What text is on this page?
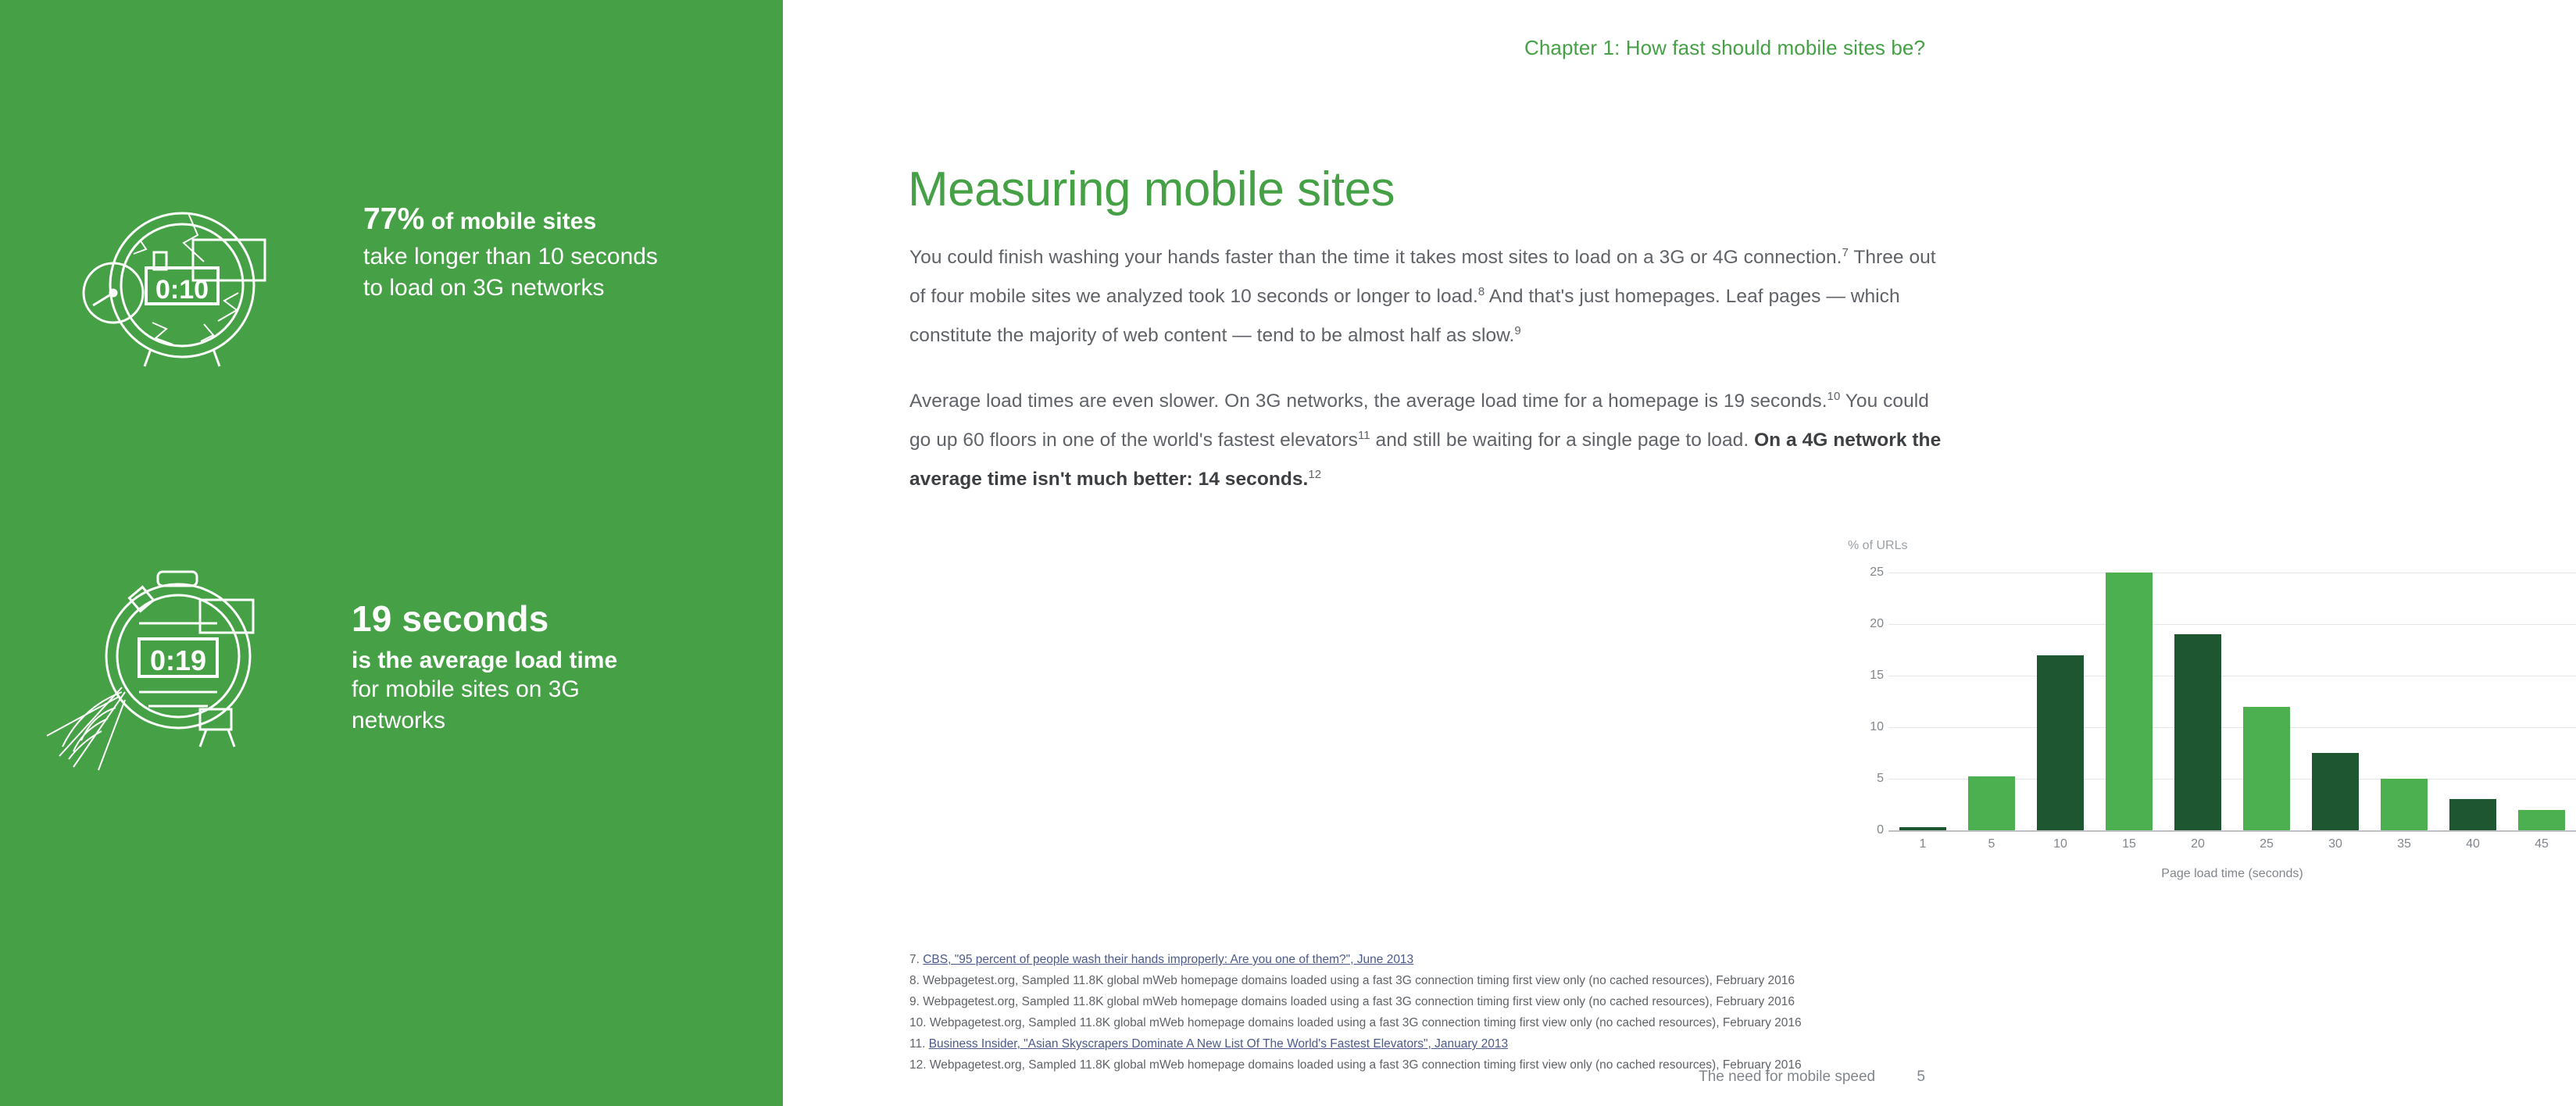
0:10
77% of mobile sites
take longer than 10 seconds to load on 3G networks
0:19
19 seconds
is the average load time
for mobile sites on 3G networks
Chapter 1: How fast should mobile sites be?
Measuring mobile sites

You could finish washing your hands faster than the time it takes most sites to load on a 3G or 4G connection.$^7$ Three out of four mobile sites we analyzed took 10 seconds or longer to load.$^8$ And that's just homepages. Leaf pages — which constitute the majority of web content — tend to be almost half as slow.$^9$

Average load times are even slower. On 3G networks, the average load time for a homepage is 19 seconds.$^{10}$ You could go up 60 floors in one of the world's fastest elevators$^{11}$ and still be waiting for a single page to load. On a 4G network the average time isn't much better: 14 seconds.$^{12}$

% of URLs
0
5
10
15
20
25
1	5	10	15	20	25	30	35	40	45
Page load time (seconds)
7. CBS, "95 percent of people wash their hands improperly: Are you one of them?", June 2013
8. Webpagetest.org, Sampled 11.8K global mWeb homepage domains loaded using a fast 3G connection timing first view only (no cached resources), February 2016
9. Webpagetest.org, Sampled 11.8K global mWeb homepage domains loaded using a fast 3G connection timing first view only (no cached resources), February 2016
10. Webpagetest.org, Sampled 11.8K global mWeb homepage domains loaded using a fast 3G connection timing first view only (no cached resources), February 2016
11. Business Insider, "Asian Skyscrapers Dominate A New List Of The World's Fastest Elevators", January 2013
12. Webpagetest.org, Sampled 11.8K global mWeb homepage domains loaded using a fast 3G connection timing first view only (no cached resources), February 2016
The need for mobile speed	5
